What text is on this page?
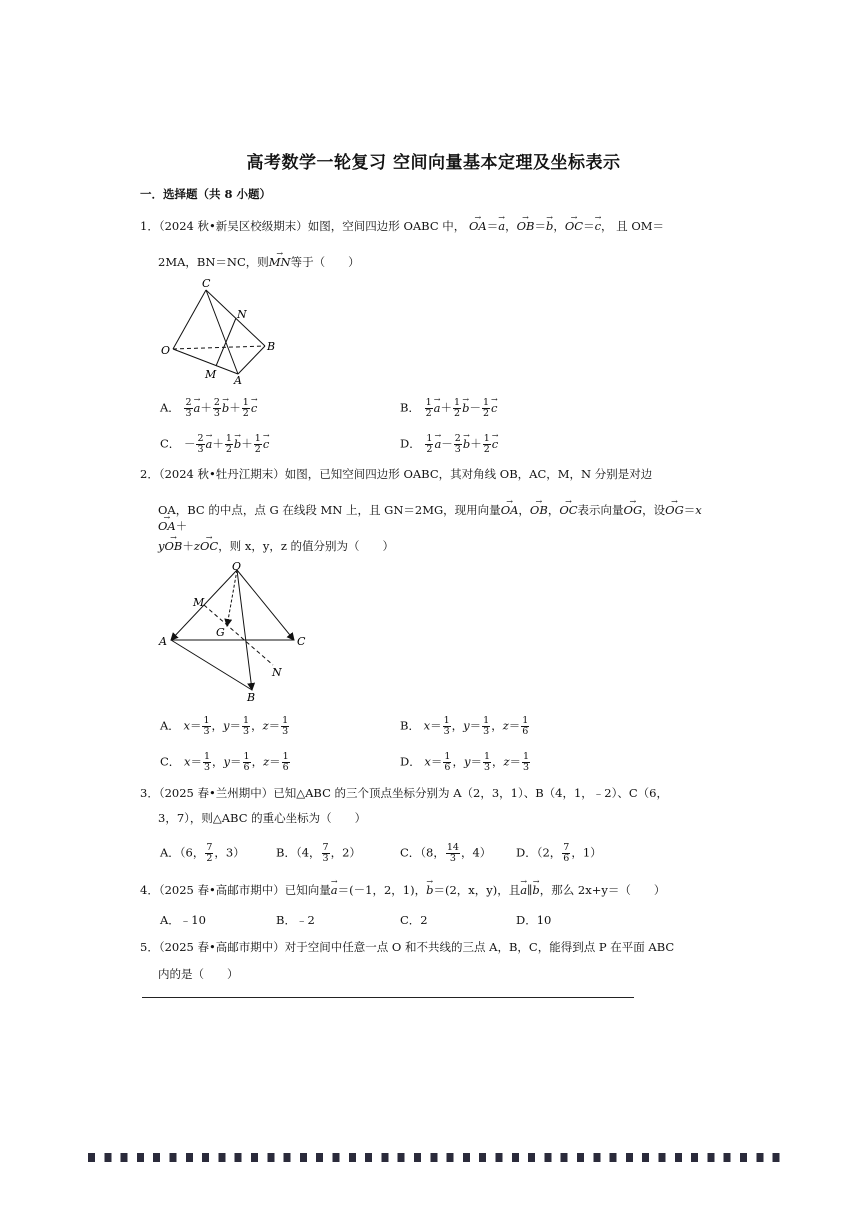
高考数学一轮复习 空间向量基本定理及坐标表示
一．选择题（共 8 小题）
1．（2024 秋•新吴区校级期末）如图，空间四边形 OABC 中， → OA＝→ a，→ OB＝→ b，→ OC＝→ c， 且 OM＝
2MA，BN＝NC，则→ MN等于（　　）
C
N
O	B
M A
A． $\frac{2}{3}$
→ $a+ \frac{2}{3}$
→ $b+ \frac{1}{2}$
→ c	B． $\frac{1}{2}$
→ $a+ \frac{1}{2}$
→ $b- \frac{1}{2}$
→ c
C． － $\frac{2}{3}$
→ $a+ \frac{1}{2}$
→ $b+ \frac{1}{2}$
→ c	D． $\frac{1}{2}$
→ $a- \frac{2}{3}$
→ $b+ \frac{1}{2}$
→ c
2．（2024 秋•牡丹江期末）如图，已知空间四边形 OABC，其对角线 OB，AC，M，N 分别是对边
OA，BC 的中点，点 G 在线段 MN 上，且 GN＝2MG，现用向量→ OA，→ OB，→ OC表示向量→ OG，设→ OG＝x→ OA＋
y→ OB＋z→ OC，则 x，y，z 的值分别为（　　）
O
M
G
A	C
N
B
A． $x= \frac{1}{3}$ ，$y= \frac{1}{3}$ ，$z= \frac{1}{3}$	B． $x= \frac{1}{3}$ ，$y= \frac{1}{3}$ ，$z= \frac{1}{6}$
C． $x= \frac{1}{3}$ ，$y= \frac{1}{6}$ ，$z= \frac{1}{6}$	D． $x= \frac{1}{6}$ ，$y= \frac{1}{3}$ ，$z= \frac{1}{3}$
3．（2025 春•兰州期中）已知△ABC 的三个顶点坐标分别为 A（2，3，1）、B（4，1，﹣2）、C（6，
3，7），则△ABC 的重心坐标为（　　）
A．（6， $\frac{7}{2}$ ，3）	B．（4， $\frac{7}{3}$ ，2）	C．（8， $\frac{14}{3}$ ，4） D．（2， $\frac{7}{6}$ ，1）
4．（2025 春•高邮市期中）已知向量→ a＝(－1，2，1)，→ b＝(2，x，y)，且→ a∥→ b，那么 2x+y＝（　　）
A．﹣10	B．﹣2	C．2	D．10
5．（2025 春•高邮市期中）对于空间中任意一点 O 和不共线的三点 A，B，C，能得到点 P 在平面 ABC
内的是（　　）
